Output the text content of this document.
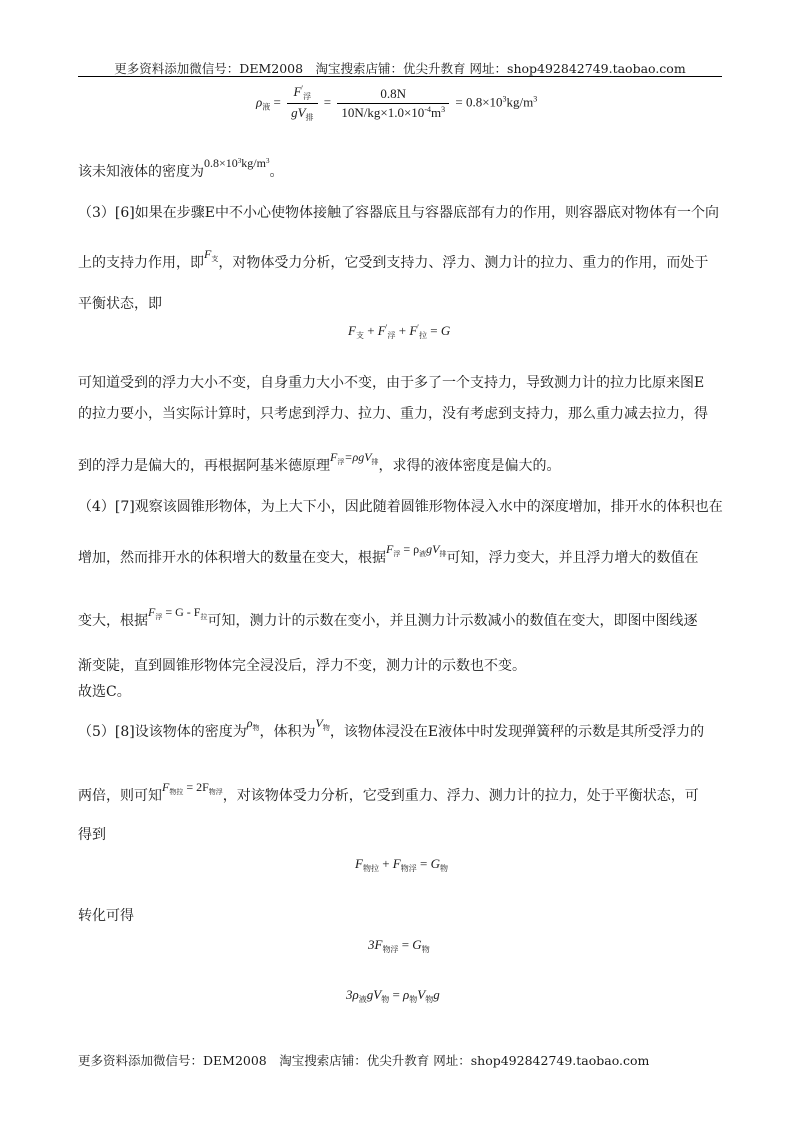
更多资料添加微信号：DEM2008　淘宝搜索店铺：优尖升教育 网址：shop492842749.taobao.com
$\rho_液 = \frac{F'_浮}{gV_排} = \frac{0.8N}{10N/kg\times 1.0\times 10^{-4}m^3} = 0.8\times 10^3kg/m^3$
该未知液体的密度为$0.8\times 10^3kg/m^3$。
（3）[6]如果在步骤E中不小心使物体接触了容器底且与容器底部有力的作用，则容器底对物体有一个向
上的支持力作用，即$F_支$，对物体受力分析，它受到支持力、浮力、测力计的拉力、重力的作用，而处于
平衡状态，即
$F_支 + F'_浮 + F'_拉 = G$
可知道受到的浮力大小不变，自身重力大小不变，由于多了一个支持力，导致测力计的拉力比原来图E
的拉力要小，当实际计算时，只考虑到浮力、拉力、重力，没有考虑到支持力，那么重力减去拉力，得
到的浮力是偏大的，再根据阿基米德原理$F_浮=\rho gV_排$，求得的液体密度是偏大的。
（4）[7]观察该圆锥形物体，为上大下小，因此随着圆锥形物体浸入水中的深度增加，排开水的体积也在
增加，然而排开水的体积增大的数量在变大，根据$F_浮 = \rho_液gV_排$可知，浮力变大，并且浮力增大的数值在
变大，根据$F_浮 = G - F_拉$可知，测力计的示数在变小，并且测力计示数减小的数值在变大，即图中图线逐
渐变陡，直到圆锥形物体完全浸没后，浮力不变，测力计的示数也不变。
故选C。
（5）[8]设该物体的密度为$\rho_物$，体积为$V_物$，该物体浸没在E液体中时发现弹簧秤的示数是其所受浮力的
两倍，则可知$F_{物拉} = 2F_{物浮}$，对该物体受力分析，它受到重力、浮力、测力计的拉力，处于平衡状态，可
得到
$F_{物拉} + F_{物浮} = G_物$
转化可得
$3F_{物浮} = G_物$
$3\rho_液gV_物 = \rho_物V_物g$
更多资料添加微信号：DEM2008　淘宝搜索店铺：优尖升教育 网址：shop492842749.taobao.com
